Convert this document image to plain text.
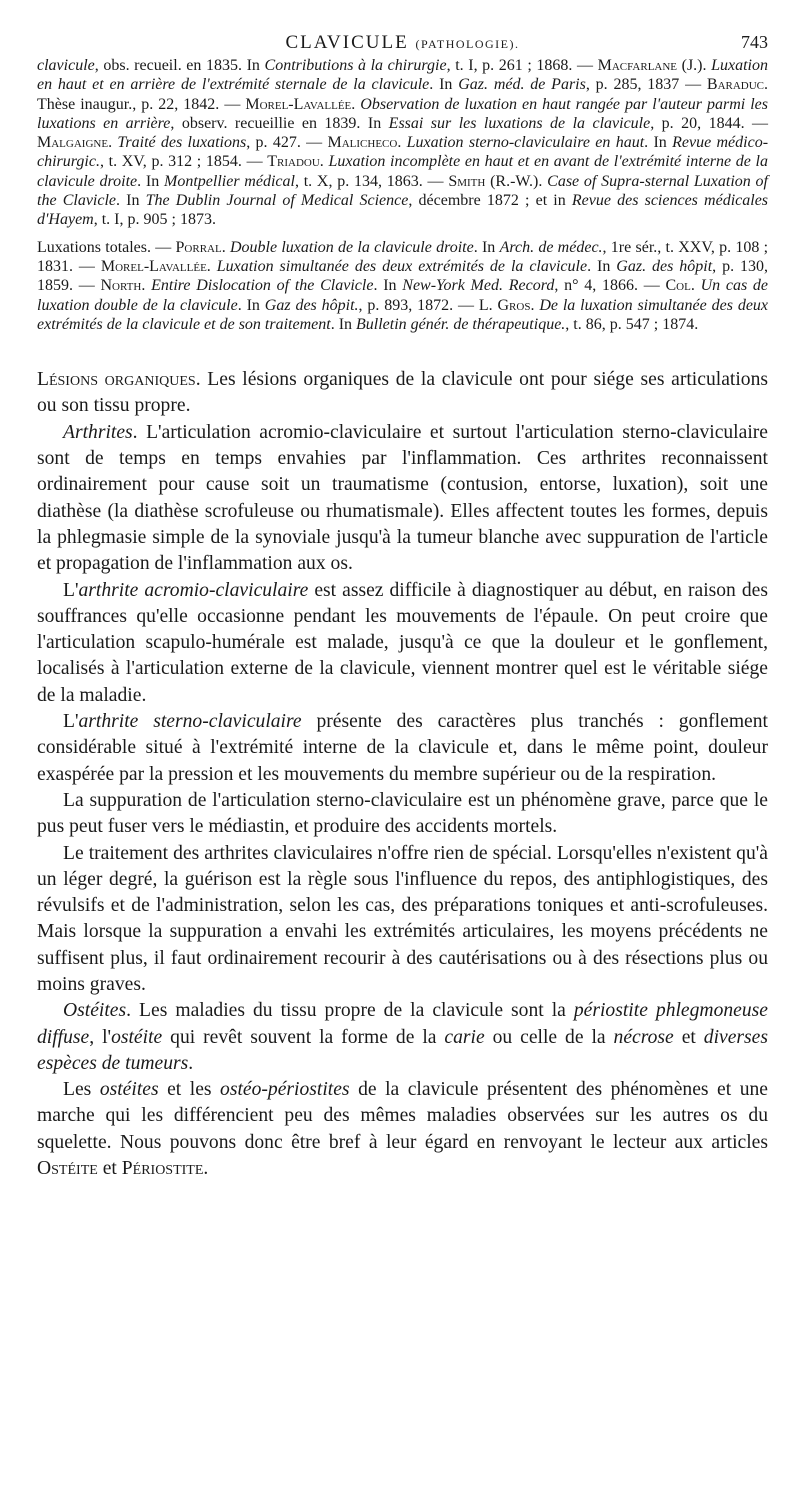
CLAVICULE (PATHOLOGIE).	743

clavicule, obs. recueil. en 1835. In Contributions à la chirurgie, t. I, p. 261 ; 1868. — Macfarlane (J.). Luxation en haut et en arrière de l'extrémité sternale de la clavicule. In Gaz. méd. de Paris, p. 285, 1837 — Baraduc. Thèse inaugur., p. 22, 1842. — Morel-Lavallée. Observation de luxation en haut rangée par l'auteur parmi les luxations en arrière, observ. recueillie en 1839. In Essai sur les luxations de la clavicule, p. 20, 1844. — Malgaigne. Traité des luxations, p. 427. — Malicheco. Luxation sterno-claviculaire en haut. In Revue médico-chirurgic., t. XV, p. 312 ; 1854. — Triadou. Luxation incomplète en haut et en avant de l'extrémité interne de la clavicule droite. In Montpellier médical, t. X, p. 134, 1863. — Smith (R.-W.). Case of Supra-sternal Luxation of the Clavicle. In The Dublin Journal of Medical Science, décembre 1872 ; et in Revue des sciences médicales d'Hayem, t. I, p. 905 ; 1873.

Luxations totales. — Porral. Double luxation de la clavicule droite. In Arch. de médec., 1re sér., t. XXV, p. 108 ; 1831. — Morel-Lavallée. Luxation simultanée des deux extrémités de la clavicule. In Gaz. des hôpit, p. 130, 1859. — North. Entire Dislocation of the Clavicle. In New-York Med. Record, n° 4, 1866. — Col. Un cas de luxation double de la clavicule. In Gaz des hôpit., p. 893, 1872. — L. Gros. De la luxation simultanée des deux extrémités de la clavicule et de son traitement. In Bulletin génér. de thérapeutique., t. 86, p. 547 ; 1874.

Lésions organiques. Les lésions organiques de la clavicule ont pour siége ses articulations ou son tissu propre.

Arthrites. L'articulation acromio-claviculaire et surtout l'articulation sterno-claviculaire sont de temps en temps envahies par l'inflammation. Ces arthrites reconnaissent ordinairement pour cause soit un traumatisme (contusion, entorse, luxation), soit une diathèse (la diathèse scrofuleuse ou rhumatismale). Elles affectent toutes les formes, depuis la phlegmasie simple de la synoviale jusqu'à la tumeur blanche avec suppuration de l'article et propagation de l'inflammation aux os.

L'arthrite acromio-claviculaire est assez difficile à diagnostiquer au début, en raison des souffrances qu'elle occasionne pendant les mouvements de l'épaule. On peut croire que l'articulation scapulo-humérale est malade, jusqu'à ce que la douleur et le gonflement, localisés à l'articulation externe de la clavicule, viennent montrer quel est le véritable siége de la maladie.

L'arthrite sterno-claviculaire présente des caractères plus tranchés : gonflement considérable situé à l'extrémité interne de la clavicule et, dans le même point, douleur exaspérée par la pression et les mouvements du membre supérieur ou de la respiration.

La suppuration de l'articulation sterno-claviculaire est un phénomène grave, parce que le pus peut fuser vers le médiastin, et produire des accidents mortels.

Le traitement des arthrites claviculaires n'offre rien de spécial. Lorsqu'elles n'existent qu'à un léger degré, la guérison est la règle sous l'influence du repos, des antiphlogistiques, des révulsifs et de l'administration, selon les cas, des préparations toniques et anti-scrofuleuses. Mais lorsque la suppuration a envahi les extrémités articulaires, les moyens précédents ne suffisent plus, il faut ordinairement recourir à des cautérisations ou à des résections plus ou moins graves.

Ostéites. Les maladies du tissu propre de la clavicule sont la périostite phlegmoneuse diffuse, l'ostéite qui revêt souvent la forme de la carie ou celle de la nécrose et diverses espèces de tumeurs.

Les ostéites et les ostéo-périostites de la clavicule présentent des phénomènes et une marche qui les différencient peu des mêmes maladies observées sur les autres os du squelette. Nous pouvons donc être bref à leur égard en renvoyant le lecteur aux articles Ostéite et Périostite.
